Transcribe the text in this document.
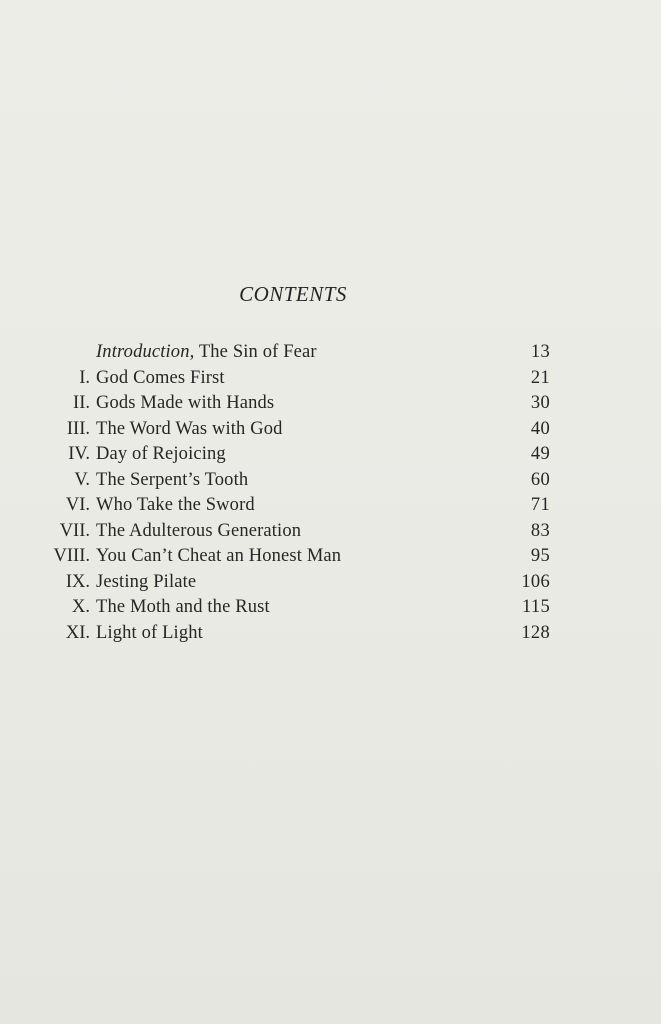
CONTENTS
Introduction, The Sin of Fear	13
I. God Comes First	21
II. Gods Made with Hands	30
III. The Word Was with God	40
IV. Day of Rejoicing	49
V. The Serpent’s Tooth	60
VI. Who Take the Sword	71
VII. The Adulterous Generation	83
VIII. You Can’t Cheat an Honest Man	95
IX. Jesting Pilate	106
X. The Moth and the Rust	115
XI. Light of Light	128
